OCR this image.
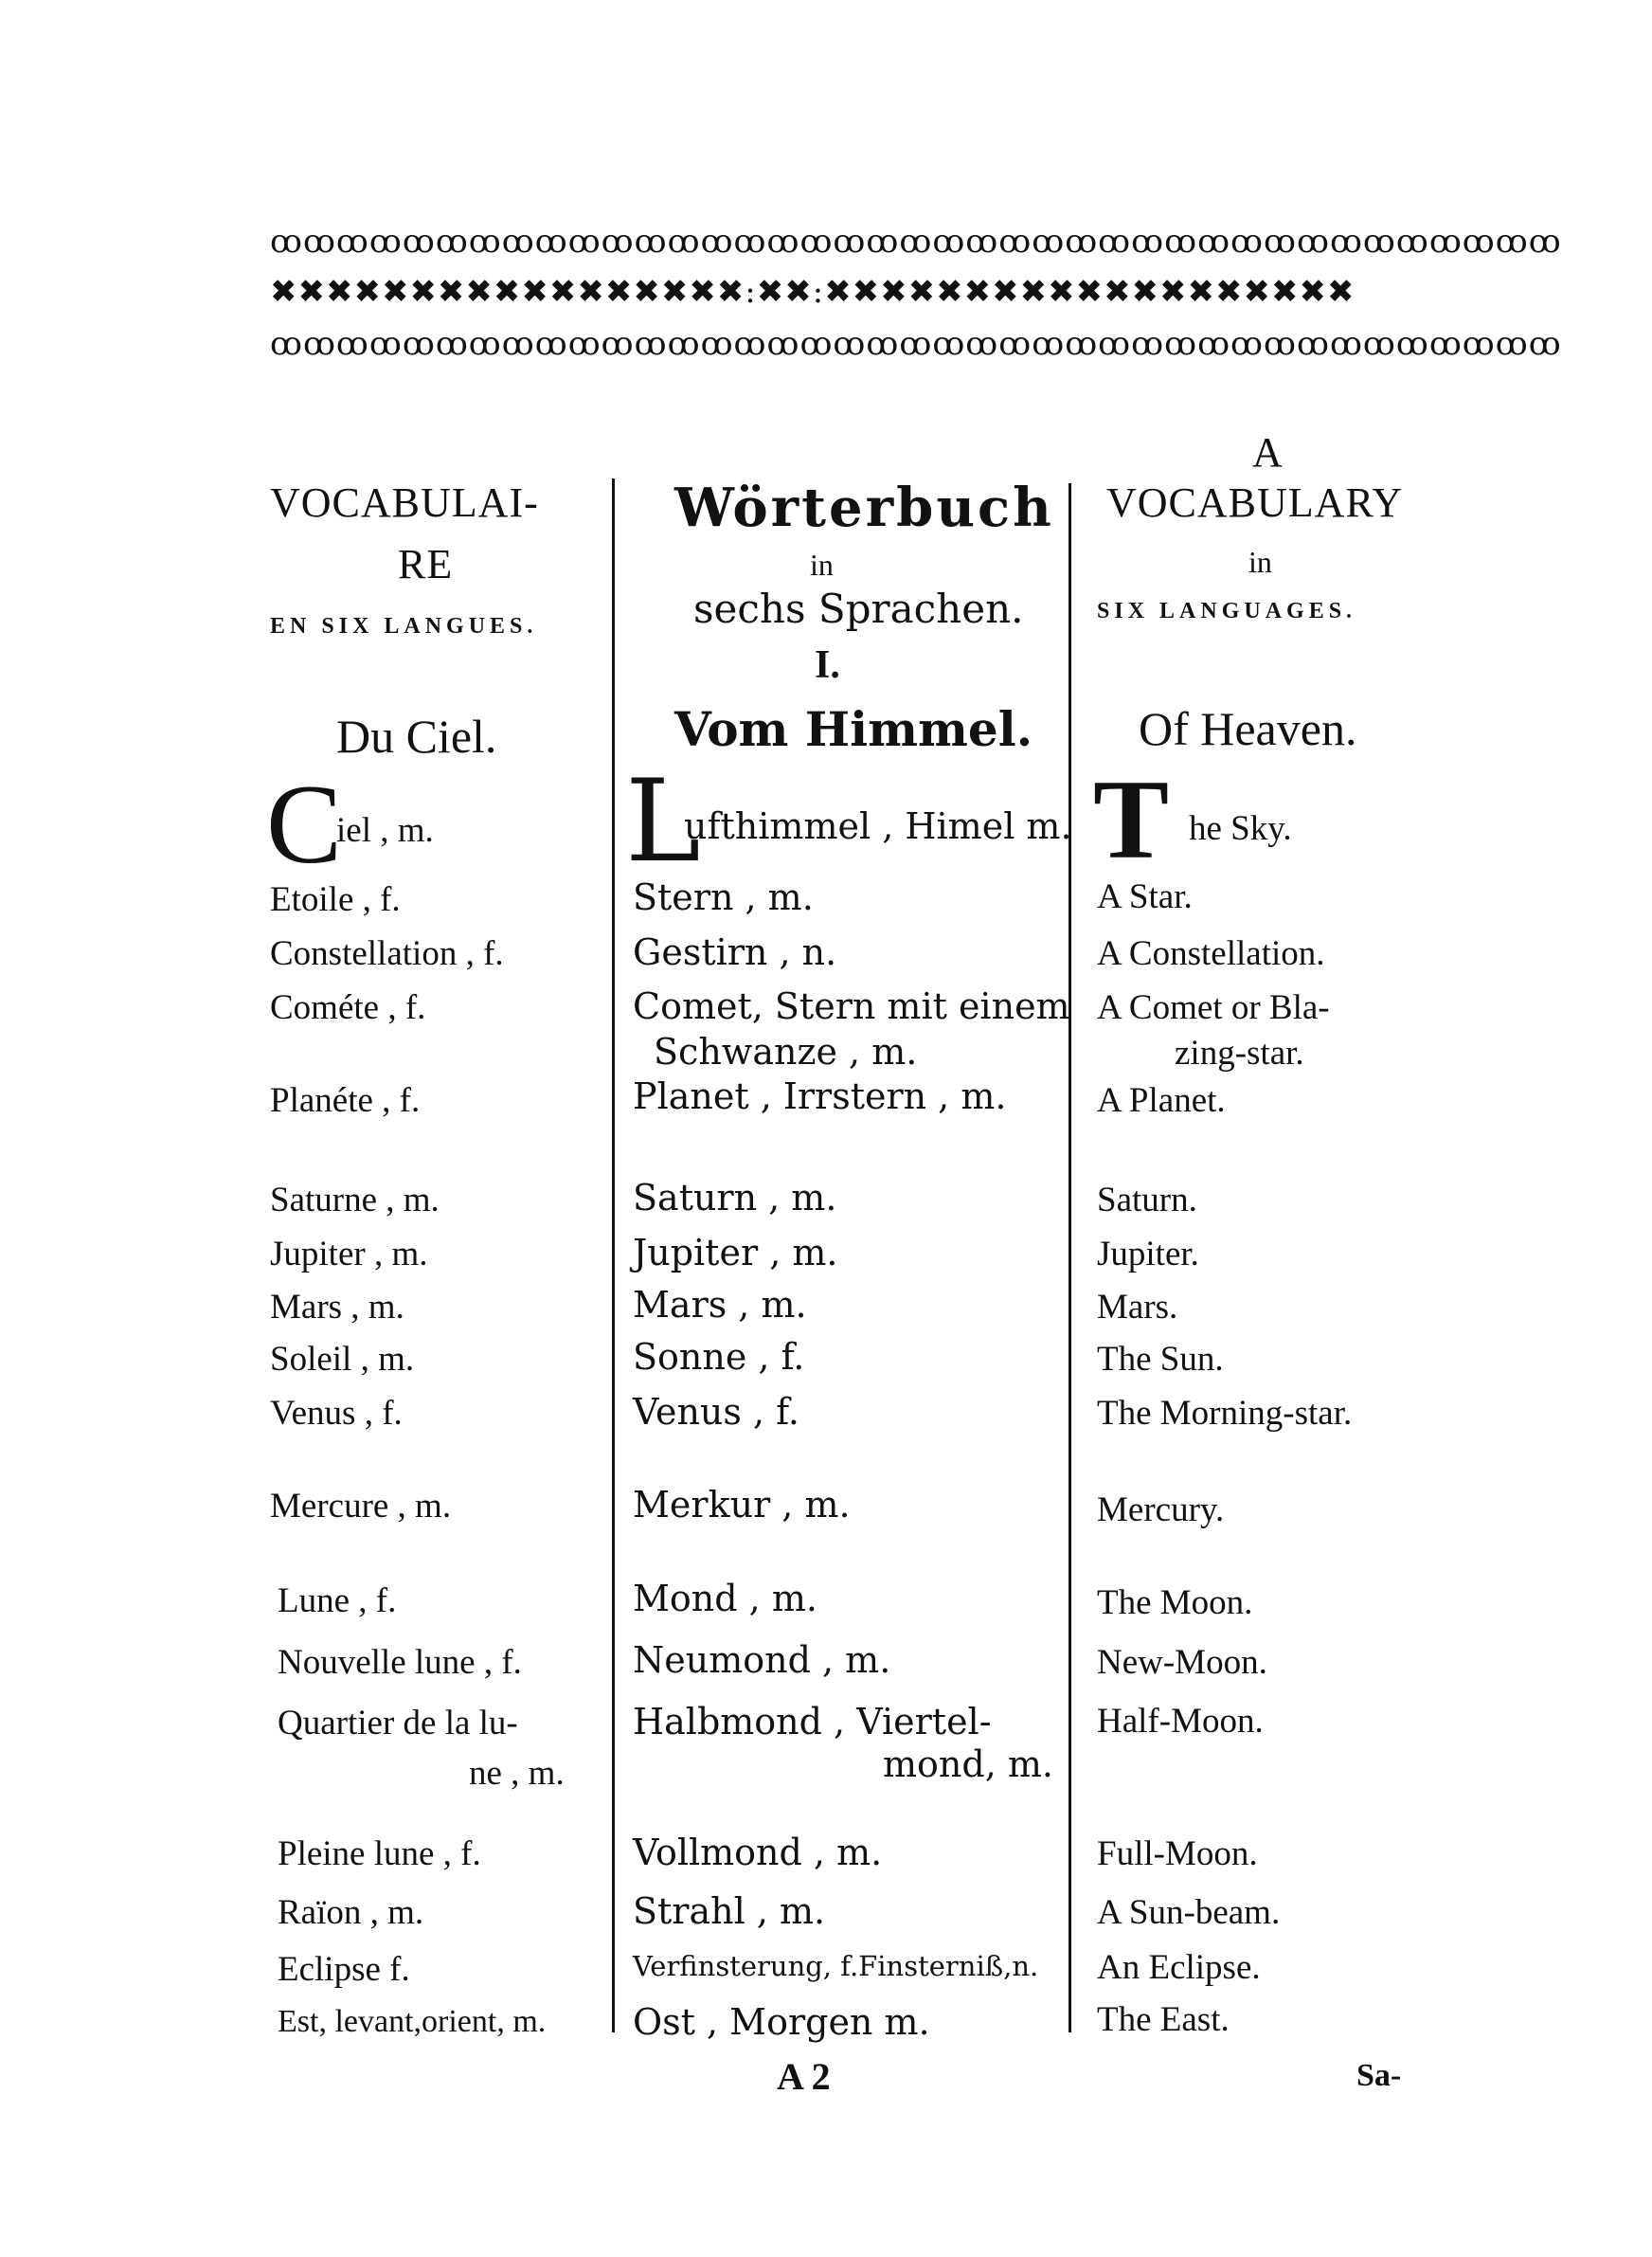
ꝏꝏꝏꝏꝏꝏꝏꝏꝏꝏꝏꝏꝏꝏꝏꝏꝏꝏꝏꝏꝏꝏꝏꝏꝏꝏꝏꝏꝏꝏꝏꝏꝏꝏꝏꝏꝏꝏꝏ
✖✖✖✖✖✖✖✖✖✖✖✖✖✖✖✖✖:✖✖:✖✖✖✖✖✖✖✖✖✖✖✖✖✖✖✖✖✖✖
ꝏꝏꝏꝏꝏꝏꝏꝏꝏꝏꝏꝏꝏꝏꝏꝏꝏꝏꝏꝏꝏꝏꝏꝏꝏꝏꝏꝏꝏꝏꝏꝏꝏꝏꝏꝏꝏꝏꝏ
VOCABULAI-
RE
EN SIX LANGUES.
Du Ciel.
C
iel , m.
Etoile , f.
Constellation , f.
Cométe , f.
Planéte , f.
Saturne , m.
Jupiter , m.
Mars , m.
Soleil , m.
Venus , f.
Mercure , m.
Lune , f.
Nouvelle lune , f.
Quartier de la lu-
ne , m.
Pleine lune , f.
Raïon , m.
Eclipse f.
Est, levant,orient, m.
Wörterbuch
in
sechs Sprachen.
I.
Vom Himmel.
L
ufthimmel , Himel m.
Stern , m.
Gestirn , n.
Comet, Stern mit einem
Schwanze , m.
Planet , Irrstern , m.
Saturn , m.
Jupiter , m.
Mars , m.
Sonne , f.
Venus , f.
Merkur , m.
Mond , m.
Neumond , m.
Halbmond , Viertel-
mond, m.
Vollmond , m.
Strahl , m.
Verfinsterung, f.Finsterniß,n.
Ost , Morgen m.
A
VOCABULARY
in
SIX LANGUAGES.
Of Heaven.
T he Sky.
A Star.
A Constellation.
A Comet or Bla-
zing-star.
A Planet.
Saturn.
Jupiter.
Mars.
The Sun.
The Morning-star.
Mercury.
The Moon.
New-Moon.
Half-Moon.
Full-Moon.
A Sun-beam.
An Eclipse.
The East.
A 2	Sa-
